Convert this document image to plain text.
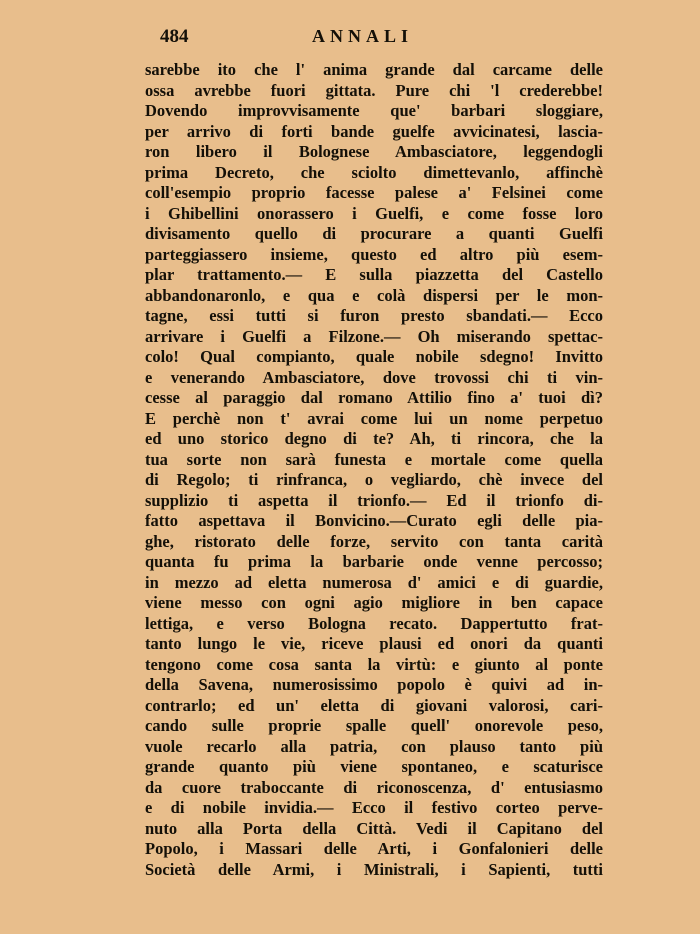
484	ANNALI
sarebbe ito che l' anima grande dal carcame delle
ossa avrebbe fuori gittata. Pure chi 'l crederebbe!
Dovendo improvvisamente que' barbari sloggiare,
per arrivo di forti bande guelfe avvicinatesi, lascia-
ron libero il Bolognese Ambasciatore, leggendogli
prima Decreto, che sciolto dimettevanlo, affinchè
coll'esempio proprio facesse palese a' Felsinei come
i Ghibellini onorassero i Guelfi, e come fosse loro
divisamento quello di procurare a quanti Guelfi
parteggiassero insieme, questo ed altro più esem-
plar trattamento.— E sulla piazzetta del Castello
abbandonaronlo, e qua e colà dispersi per le mon-
tagne, essi tutti si furon presto sbandati.— Ecco
arrivare i Guelfi a Filzone.— Oh miserando spettac-
colo! Qual compianto, quale nobile sdegno! Invitto
e venerando Ambasciatore, dove trovossi chi ti vin-
cesse al paraggio dal romano Attilio fino a' tuoi dì?
E perchè non t' avrai come lui un nome perpetuo
ed uno storico degno di te? Ah, ti rincora, che la
tua sorte non sarà funesta e mortale come quella
di Regolo; ti rinfranca, o vegliardo, chè invece del
supplizio ti aspetta il trionfo.— Ed il trionfo di-
fatto aspettava il Bonvicino.—Curato egli delle pia-
ghe, ristorato delle forze, servito con tanta carità
quanta fu prima la barbarie onde venne percosso;
in mezzo ad eletta numerosa d' amici e di guardie,
viene messo con ogni agio migliore in ben capace
lettiga, e verso Bologna recato. Dappertutto frat-
tanto lungo le vie, riceve plausi ed onori da quanti
tengono come cosa santa la virtù: e giunto al ponte
della Savena, numerosissimo popolo è quivi ad in-
contrarlo; ed un' eletta di giovani valorosi, cari-
cando sulle proprie spalle quell' onorevole peso,
vuole recarlo alla patria, con plauso tanto più
grande quanto più viene spontaneo, e scaturisce
da cuore traboccante di riconoscenza, d' entusiasmo
e di nobile invidia.— Ecco il festivo corteo perve-
nuto alla Porta della Città. Vedi il Capitano del
Popolo, i Massari delle Arti, i Gonfalonieri delle
Società delle Armi, i Ministrali, i Sapienti, tutti
